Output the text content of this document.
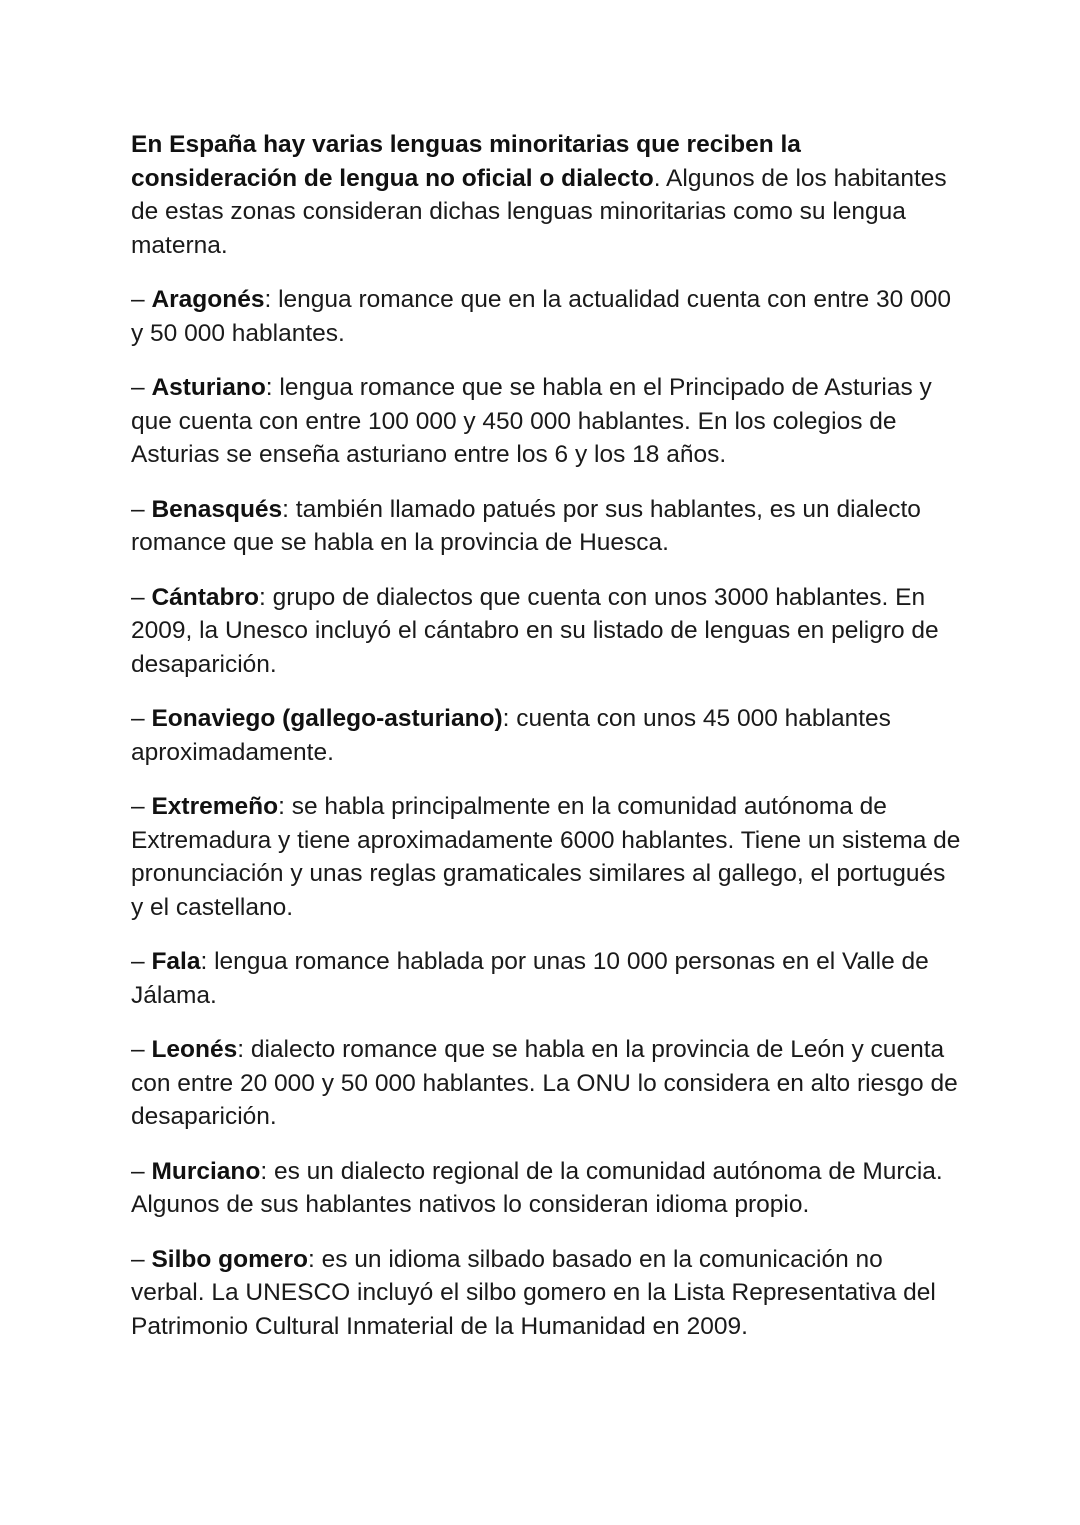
En España hay varias lenguas minoritarias que reciben la consideración de lengua no oficial o dialecto. Algunos de los habitantes de estas zonas consideran dichas lenguas minoritarias como su lengua materna.

– Aragonés: lengua romance que en la actualidad cuenta con entre 30 000 y 50 000 hablantes.

– Asturiano: lengua romance que se habla en el Principado de Asturias y que cuenta con entre 100 000 y 450 000 hablantes. En los colegios de Asturias se enseña asturiano entre los 6 y los 18 años.

– Benasqués: también llamado patués por sus hablantes, es un dialecto romance que se habla en la provincia de Huesca.

– Cántabro: grupo de dialectos que cuenta con unos 3000 hablantes. En 2009, la Unesco incluyó el cántabro en su listado de lenguas en peligro de desaparición.

– Eonaviego (gallego-asturiano): cuenta con unos 45 000 hablantes aproximadamente.

– Extremeño: se habla principalmente en la comunidad autónoma de Extremadura y tiene aproximadamente 6000 hablantes. Tiene un sistema de pronunciación y unas reglas gramaticales similares al gallego, el portugués y el castellano.

– Fala: lengua romance hablada por unas 10 000 personas en el Valle de Jálama.

– Leonés: dialecto romance que se habla en la provincia de León y cuenta con entre 20 000 y 50 000 hablantes. La ONU lo considera en alto riesgo de desaparición.

– Murciano: es un dialecto regional de la comunidad autónoma de Murcia. Algunos de sus hablantes nativos lo consideran idioma propio.

– Silbo gomero: es un idioma silbado basado en la comunicación no verbal. La UNESCO incluyó el silbo gomero en la Lista Representativa del Patrimonio Cultural Inmaterial de la Humanidad en 2009.
